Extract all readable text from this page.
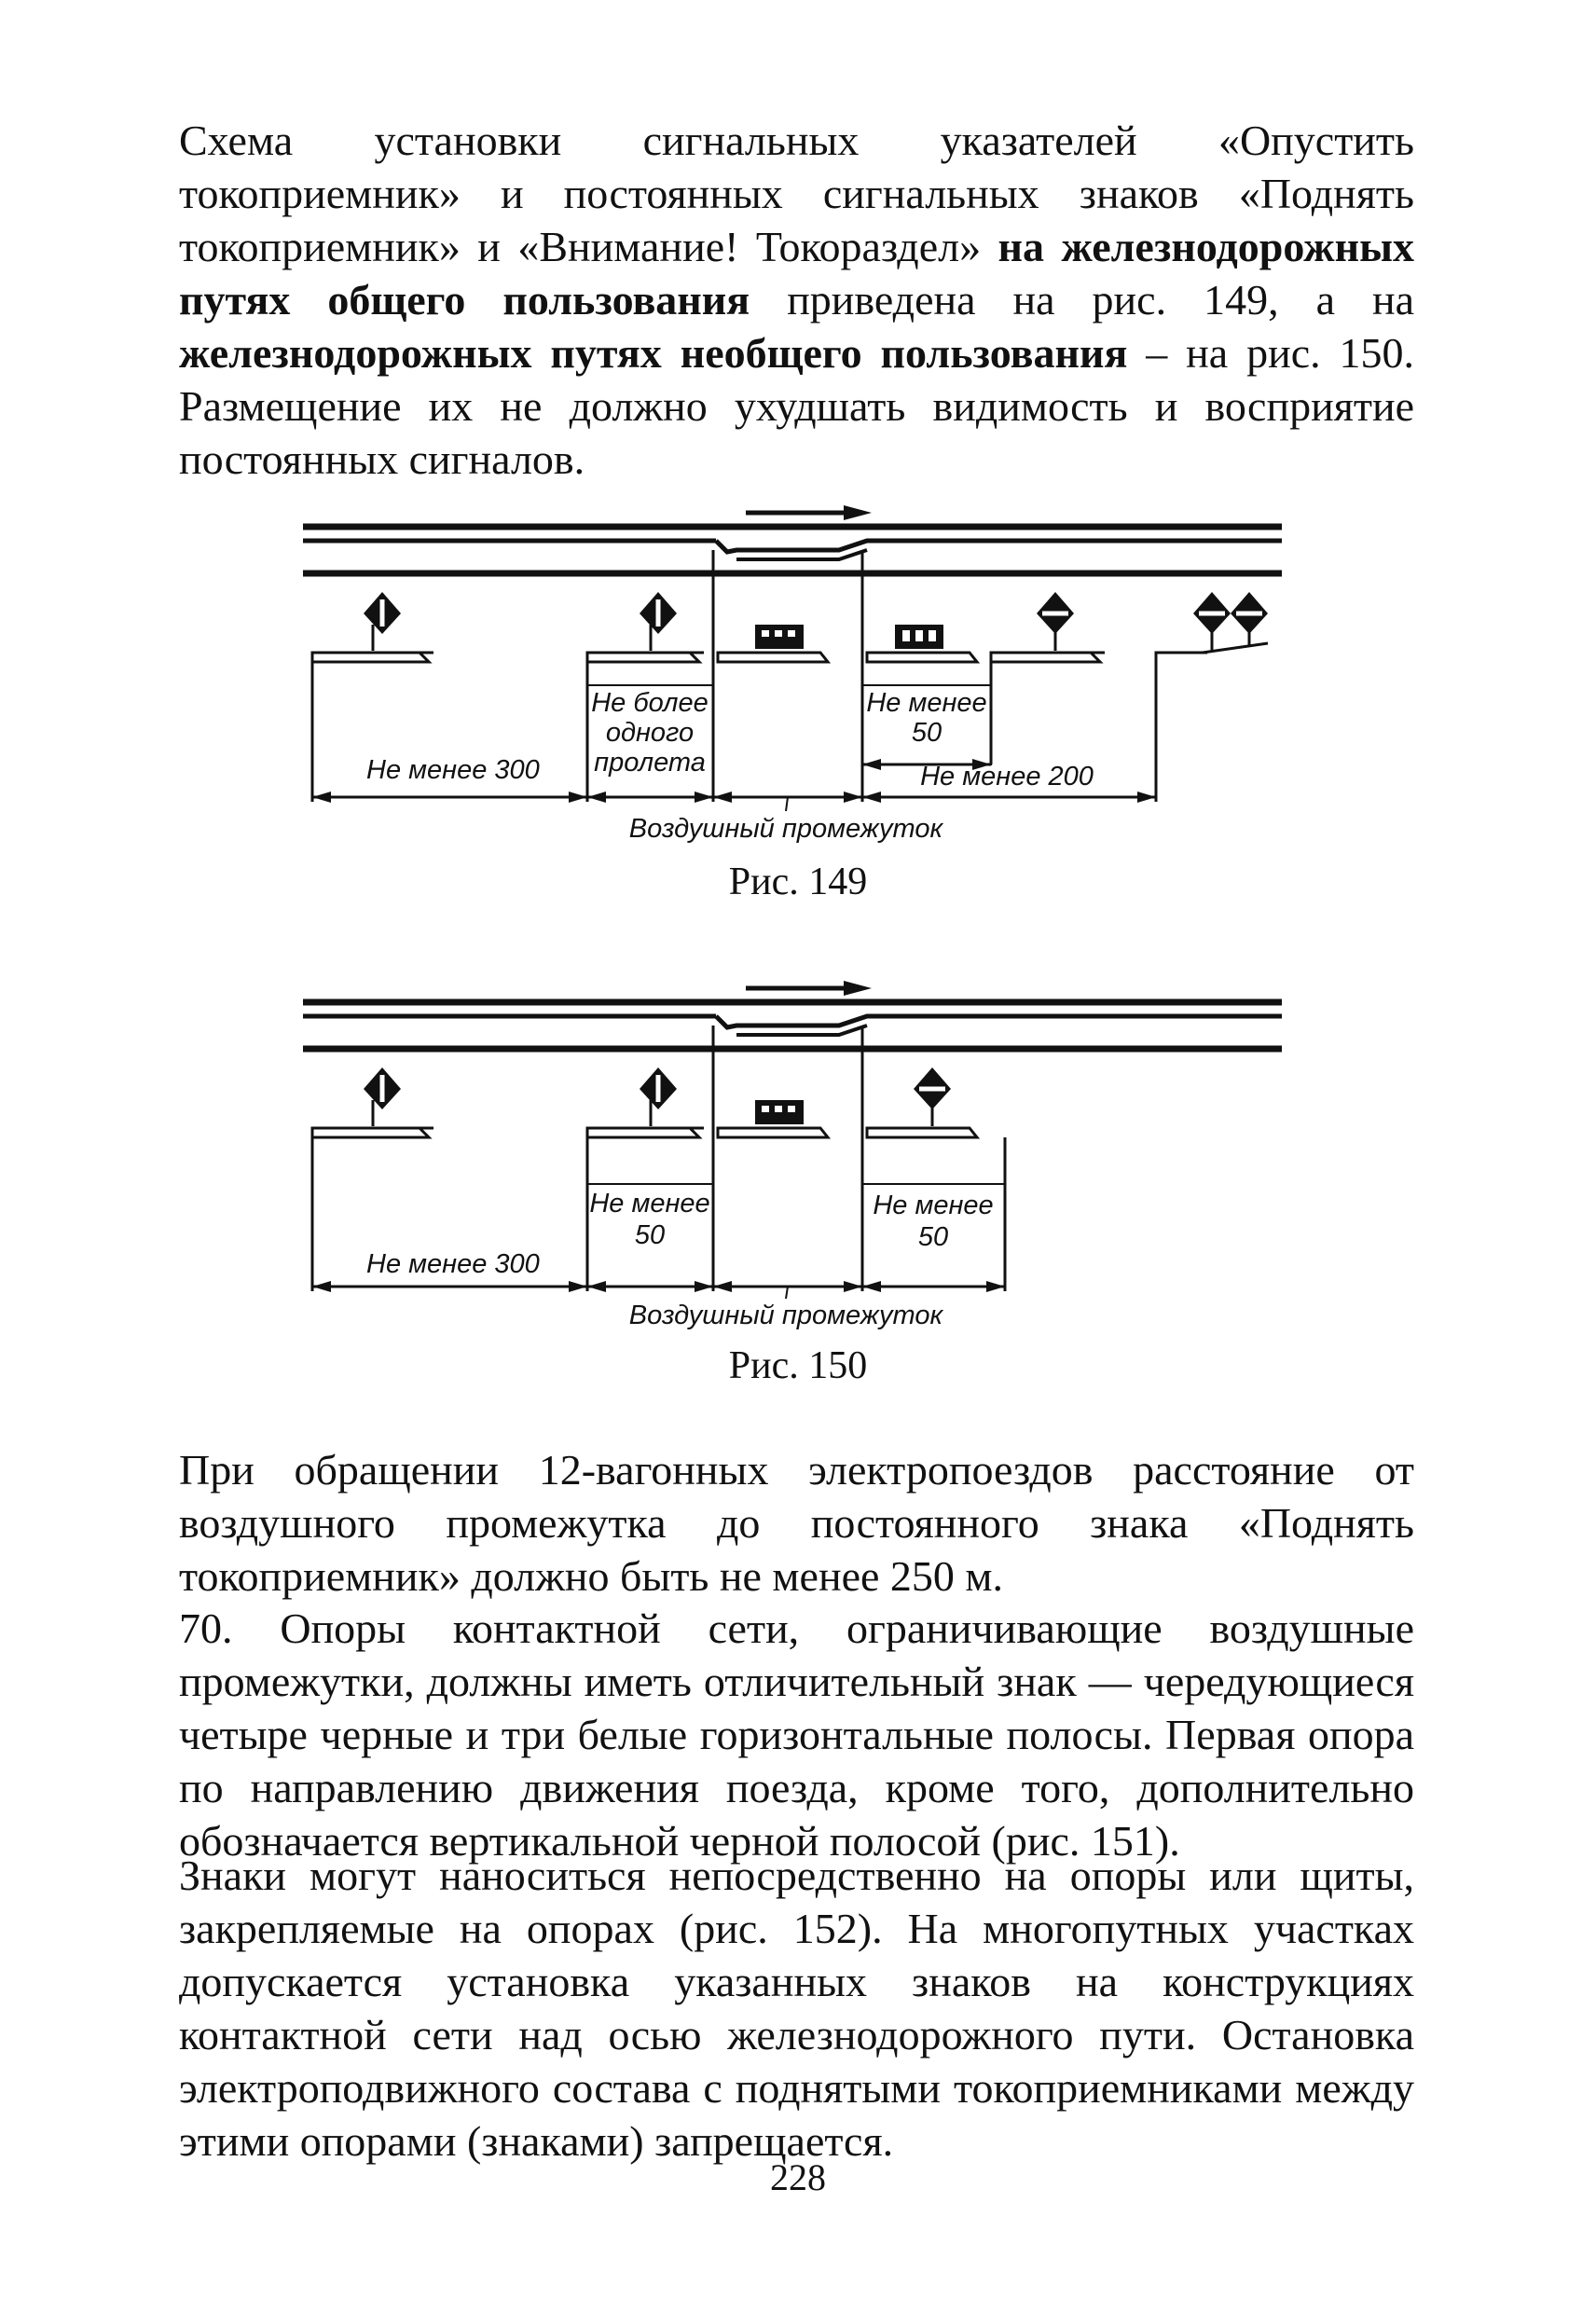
Схема установки сигнальных указателей «Опустить токоприемник» и постоянных сигнальных знаков «Поднять токоприемник» и «Внимание! Токораздел» на железнодорожных путях общего пользования приведена на рис. 149, а на железнодорожных путях необщего пользования – на рис. 150. Размещение их не должно ухудшать видимость и восприятие постоянных сигналов.

Не менее 300
Не более
одного
пролета
Не менее
50
Не менее 200
Воздушный промежуток
Рис. 149
Не менее 300
Не менее
50
Не менее
50
Воздушный промежуток
Рис. 150

При обращении 12-вагонных электропоездов расстояние от воздушного промежутка до постоянного знака «Поднять токоприемник» должно быть не менее 250 м.

70. Опоры контактной сети, ограничивающие воздушные промежутки, должны иметь отличительный знак — чередующиеся четыре черные и три белые горизонтальные полосы. Первая опора по направлению движения поезда, кроме того, дополнительно обозначается вертикальной черной полосой (рис. 151).

Знаки могут наноситься непосредственно на опоры или щиты, закрепляемые на опорах (рис. 152). На многопутных участках допускается установка указанных знаков на конструкциях контактной сети над осью железнодорожного пути. Остановка электроподвижного состава с поднятыми токоприемниками между этими опорами (знаками) запрещается.

228
